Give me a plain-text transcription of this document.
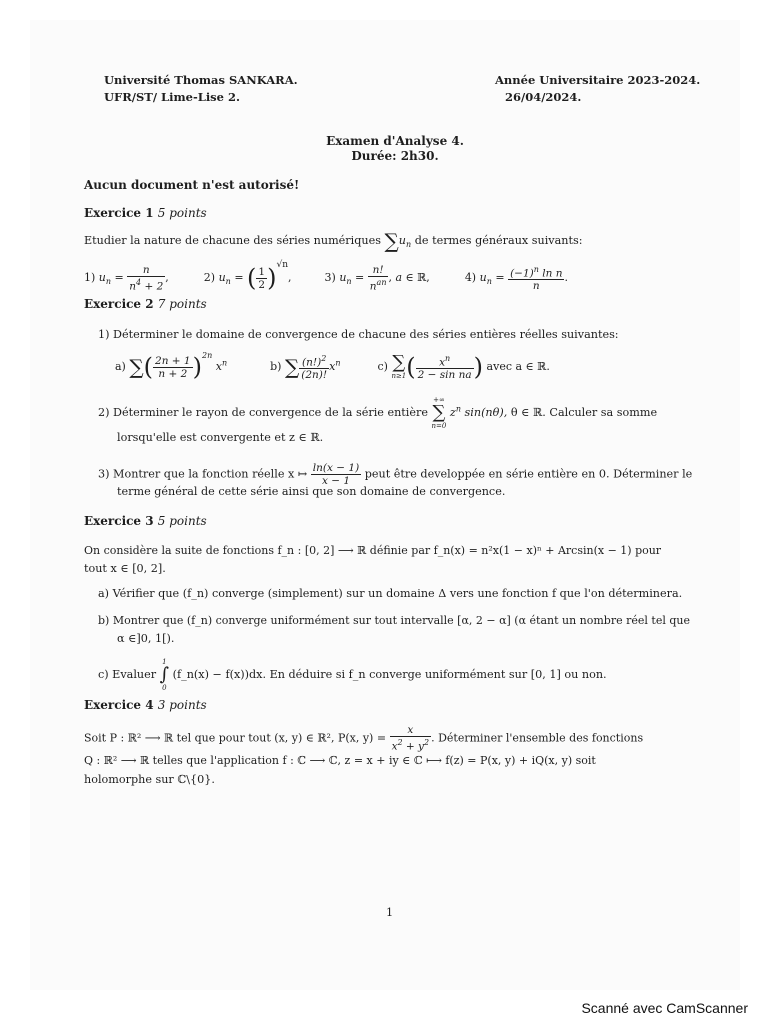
Université Thomas SANKARA.
UFR/ST/ Lime-Lise 2.
Année Universitaire 2023-2024.
26/04/2024.
Examen d'Analyse 4.
Durée: 2h30.
Aucun document n'est autorisé!
Exercice 1 5 points
Etudier la nature de chacune des séries numériques $\sum u_n$ de termes généraux suivants:
1) $u_n = \frac{n}{n^4 + 2}$ ,	2) $u_n$ = ( $\frac{1}{2} )^{√n}$,	3) $u_n = \frac{n!}{n^{an}}$ , a ∈ ℝ,	4) $u_n = \frac{(-1)^n \ln n}{n}$ .
Exercice 2 7 points
1) Déterminer le domaine de convergence de chacune des séries entières réelles suivantes:
a) ∑( $\frac{2n + 1}{n + 2} )^{2n}$ $x^n$	b) ∑ $\frac{(n!)^2}{(2n)!} x^n$	c) ∑
n≥1 ( $\frac{x^n}{\text{2 − sin na}}$ ) avec a ∈ ℝ.
2) Déterminer le rayon de convergence de la série entière
+∞
∑
n=0
$z^n$ sin(nθ), θ ∈ ℝ. Calculer sa somme
lorsqu'elle est convergente et z ∈ ℝ.
3) Montrer que la fonction réelle x ↦ $\frac{\ln(x - 1)}{x - 1}$ peut être developpée en série entière en 0. Déterminer le
terme général de cette série ainsi que son domaine de convergence.
Exercice 3 5 points
On considère la suite de fonctions f_n : [0, 2] ⟶ ℝ définie par f_n(x) = n²x(1 − x)ⁿ + Arcsin(x − 1) pour
tout x ∈ [0, 2].
a) Vérifier que (f_n) converge (simplement) sur un domaine Δ vers une fonction f que l'on déterminera.
b) Montrer que (f_n) converge uniformément sur tout intervalle [α, 2 − α] (α étant un nombre réel tel que
α ∈]0, 1[).
c) Evaluer
1
∫
0
(f_n(x) − f(x))dx. En déduire si f_n converge uniformément sur [0, 1] ou non.
Exercice 4 3 points
Soit P : ℝ² ⟶ ℝ tel que pour tout (x, y) ∈ ℝ², P(x, $y) = \frac{x}{x^2 + y^2}$ . Déterminer l'ensemble des fonctions
Q : ℝ² ⟶ ℝ telles que l'application f : ℂ ⟶ ℂ, z = x + iy ∈ ℂ ⟼ f(z) = P(x, y) + iQ(x, y) soit
holomorphe sur ℂ\{0}.
1
Scanné avec CamScanner
